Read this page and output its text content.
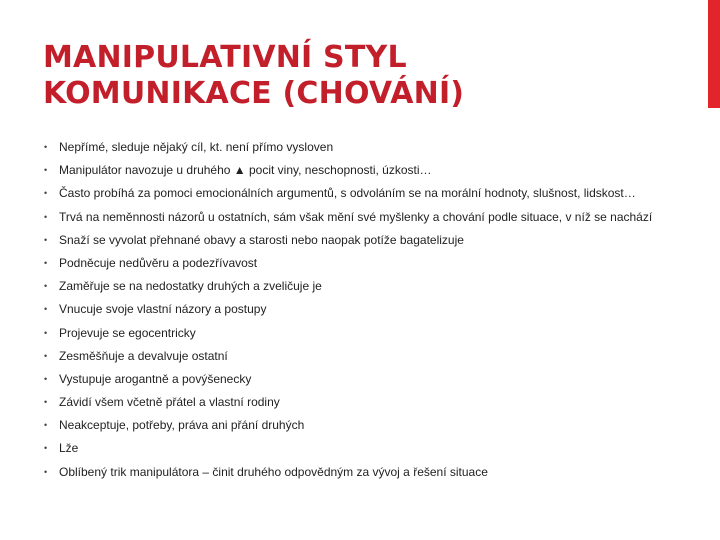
MANIPULATIVNÍ STYL
KOMUNIKACE (CHOVÁNÍ)
• Nepřímé, sleduje nějaký cíl, kt. není přímo vysloven
• Manipulátor navozuje u druhého ▲ pocit viny, neschopnosti, úzkosti…
• Často probíhá za pomoci emocionálních argumentů, s odvoláním se na morální hodnoty, slušnost, lidskost…
• Trvá na neměnnosti názorů u ostatních, sám však mění své myšlenky a chování podle situace, v níž se nachází
• Snaží se vyvolat přehnané obavy a starosti nebo naopak potíže bagatelizuje
• Podněcuje nedůvěru a podezřívavost
• Zaměřuje se na nedostatky druhých a zveličuje je
• Vnucuje svoje vlastní názory a postupy
• Projevuje se egocentricky
• Zesměšňuje a devalvuje ostatní
• Vystupuje arogantně a povýšenecky
• Závidí všem včetně přátel a vlastní rodiny
• Neakceptuje, potřeby, práva ani přání druhých
• Lže
• Oblíbený trik manipulátora – činit druhého odpovědným za vývoj a řešení situace
